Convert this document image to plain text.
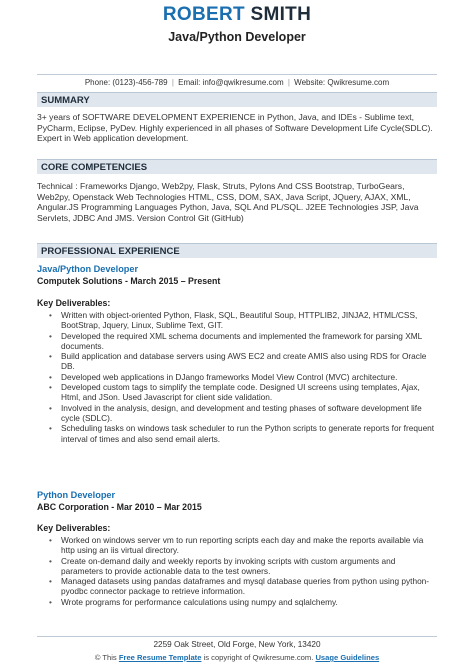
ROBERT SMITH
Java/Python Developer
Phone: (0123)-456-789 | Email: info@qwikresume.com | Website: Qwikresume.com
SUMMARY
3+ years of SOFTWARE DEVELOPMENT EXPERIENCE in Python, Java, and IDEs - Sublime text, PyCharm, Eclipse, PyDev. Highly experienced in all phases of Software Development Life Cycle(SDLC). Expert in Web application development.
CORE COMPETENCIES
Technical : Frameworks Django, Web2py, Flask, Struts, Pylons And CSS Bootstrap, TurboGears, Web2py, Openstack Web Technologies HTML, CSS, DOM, SAX, Java Script, JQuery, AJAX, XML, Angular.JS Programming Languages Python, Java, SQL And PL/SQL. J2EE Technologies JSP, Java Servlets, JDBC And JMS. Version Control Git (GitHub)
PROFESSIONAL EXPERIENCE
Java/Python Developer
Computek Solutions - March 2015 – Present
Key Deliverables:
• Written with object-oriented Python, Flask, SQL, Beautiful Soup, HTTPLIB2, JINJA2, HTML/CSS, BootStrap, Jquery, Linux, Sublime Text, GIT.
• Developed the required XML schema documents and implemented the framework for parsing XML documents.
• Build application and database servers using AWS EC2 and create AMIS also using RDS for Oracle DB.
• Developed web applications in DJango frameworks Model View Control (MVC) architecture.
• Developed custom tags to simplify the template code. Designed UI screens using templates, Ajax, Html, and JSon. Used Javascript for client side validation.
• Involved in the analysis, design, and development and testing phases of software development life cycle (SDLC).
• Scheduling tasks on windows task scheduler to run the Python scripts to generate reports for frequent interval of times and also send email alerts.
Python Developer
ABC Corporation - Mar 2010 – Mar 2015
Key Deliverables:
• Worked on windows server vm to run reporting scripts each day and make the reports available via http using an iis virtual directory.
• Create on-demand daily and weekly reports by invoking scripts with custom arguments and parameters to provide actionable data to the test owners.
• Managed datasets using pandas dataframes and mysql database queries from python using python-pyodbc connector package to retrieve information.
• Wrote programs for performance calculations using numpy and sqlalchemy.
2259 Oak Street, Old Forge, New York, 13420
© This Free Resume Template is copyright of Qwikresume.com. Usage Guidelines
